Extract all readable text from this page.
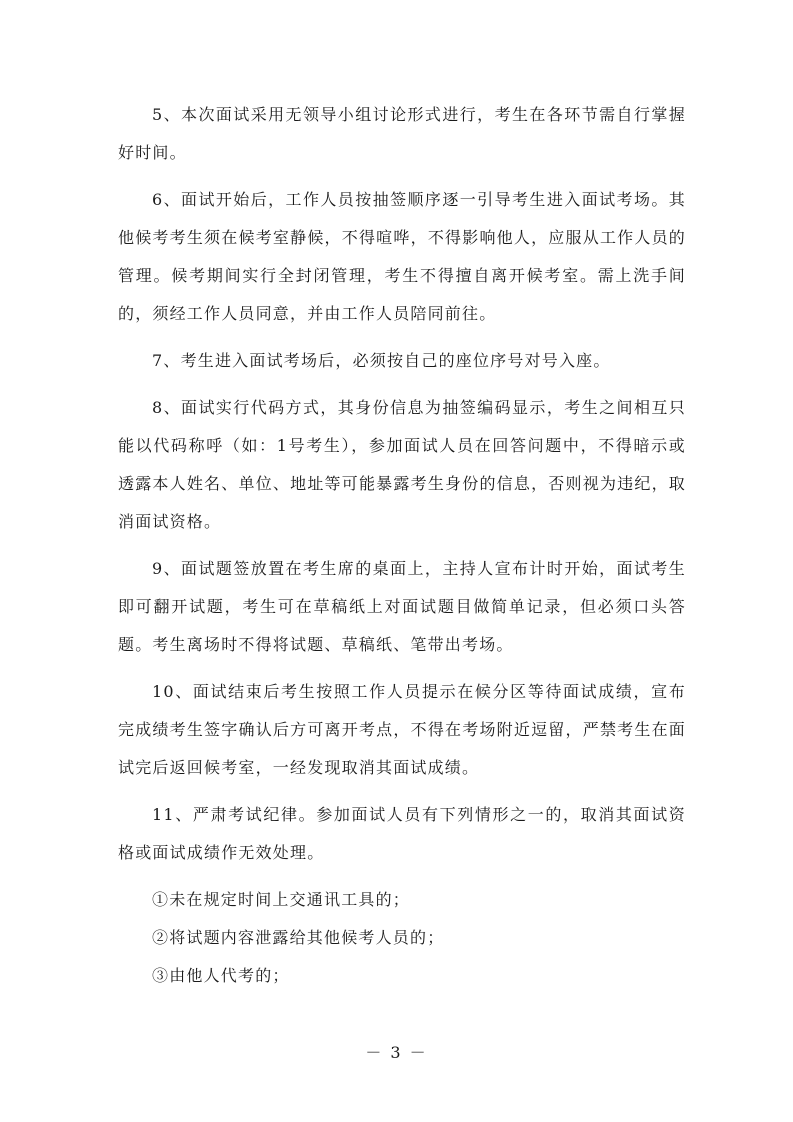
5、本次面试采用无领导小组讨论形式进行，考生在各环节需自行掌握好时间。

6、面试开始后，工作人员按抽签顺序逐一引导考生进入面试考场。其他候考考生须在候考室静候，不得喧哗，不得影响他人，应服从工作人员的管理。候考期间实行全封闭管理，考生不得擅自离开候考室。需上洗手间的，须经工作人员同意，并由工作人员陪同前往。

7、考生进入面试考场后，必须按自己的座位序号对号入座。

8、面试实行代码方式，其身份信息为抽签编码显示，考生之间相互只能以代码称呼（如：1号考生），参加面试人员在回答问题中，不得暗示或透露本人姓名、单位、地址等可能暴露考生身份的信息，否则视为违纪，取消面试资格。

9、面试题签放置在考生席的桌面上，主持人宣布计时开始，面试考生即可翻开试题，考生可在草稿纸上对面试题目做简单记录，但必须口头答题。考生离场时不得将试题、草稿纸、笔带出考场。

10、面试结束后考生按照工作人员提示在候分区等待面试成绩，宣布完成绩考生签字确认后方可离开考点，不得在考场附近逗留，严禁考生在面试完后返回候考室，一经发现取消其面试成绩。

11、严肃考试纪律。参加面试人员有下列情形之一的，取消其面试资格或面试成绩作无效处理。

①未在规定时间上交通讯工具的；

②将试题内容泄露给其他候考人员的；

③由他人代考的；

－ 3 －
